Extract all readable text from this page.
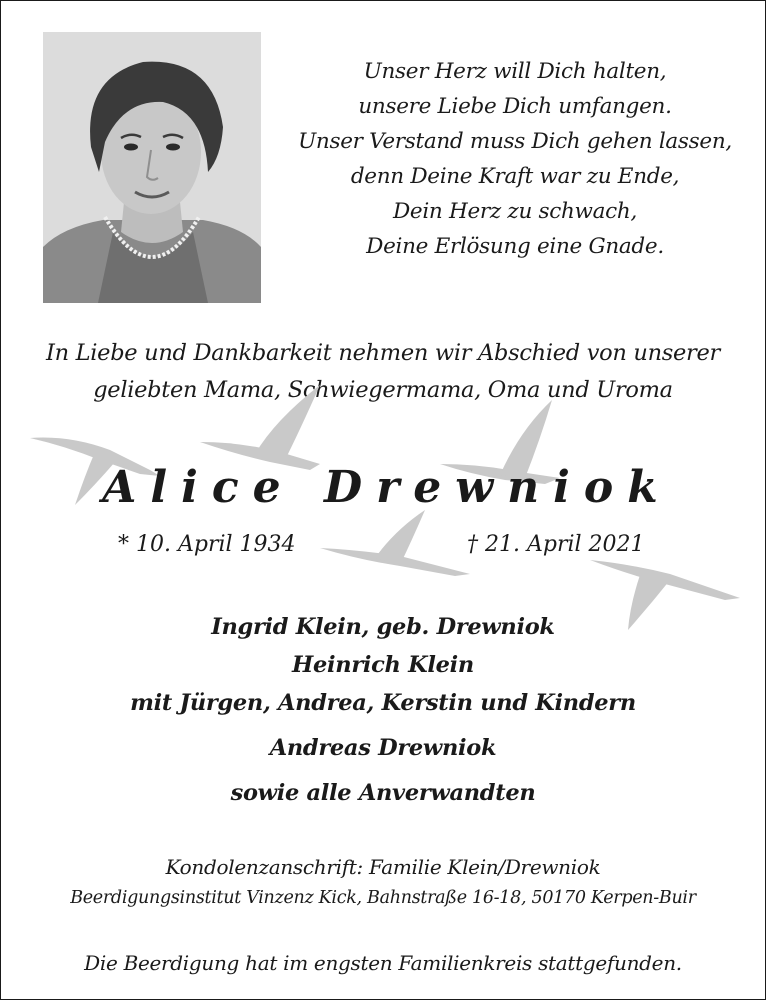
Unser Herz will Dich halten,
unsere Liebe Dich umfangen.
Unser Verstand muss Dich gehen lassen,
denn Deine Kraft war zu Ende,
Dein Herz zu schwach,
Deine Erlösung eine Gnade.
In Liebe und Dankbarkeit nehmen wir Abschied von unserer
geliebten Mama, Schwiegermama, Oma und Uroma
Alice Drewniok
* 10. April 1934	† 21. April 2021
Ingrid Klein, geb. Drewniok
Heinrich Klein
mit Jürgen, Andrea, Kerstin und Kindern
Andreas Drewniok
sowie alle Anverwandten
Kondolenzanschrift: Familie Klein/Drewniok
Beerdigungsinstitut Vinzenz Kick, Bahnstraße 16-18, 50170 Kerpen-Buir
Die Beerdigung hat im engsten Familienkreis stattgefunden.
